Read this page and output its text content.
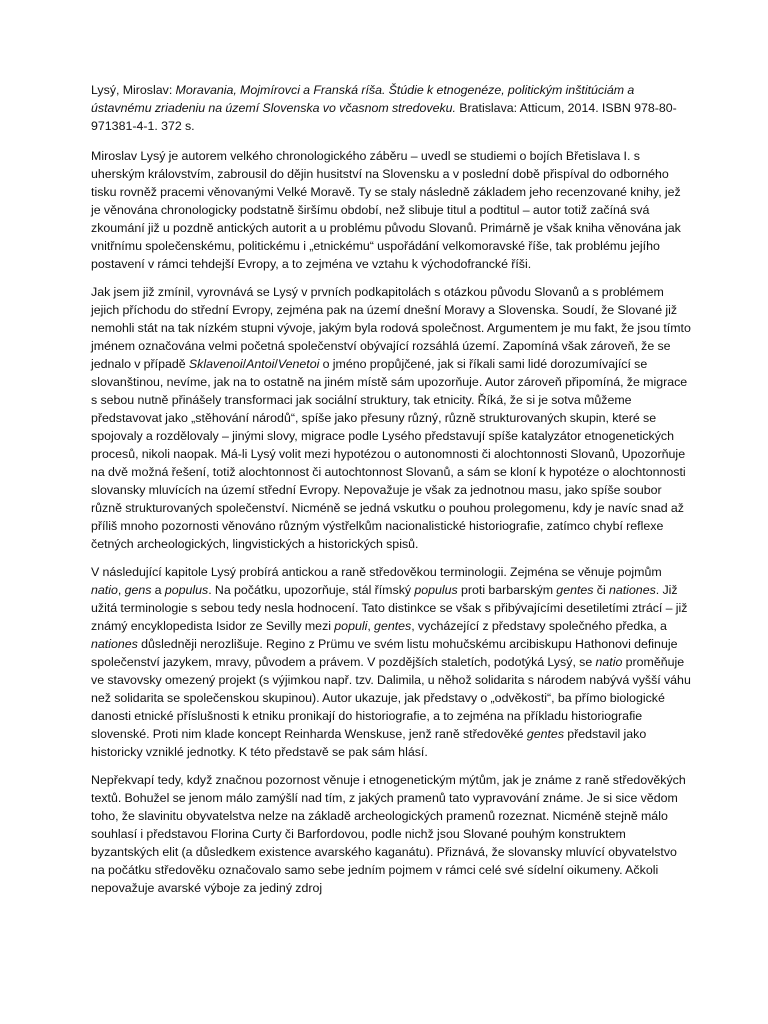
Lysý, Miroslav: Moravania, Mojmírovci a Franská ríša. Štúdie k etnogenéze, politickým inštitúciám a ústavnému zriadeniu na území Slovenska vo včasnom stredoveku. Bratislava: Atticum, 2014. ISBN 978-80-971381-4-1. 372 s.

Miroslav Lysý je autorem velkého chronologického záběru – uvedl se studiemi o bojích Břetislava I. s uherským královstvím, zabrousil do dějin husitství na Slovensku a v poslední době přispíval do odborného tisku rovněž pracemi věnovanými Velké Moravě. Ty se staly následně základem jeho recenzované knihy, jež je věnována chronologicky podstatně širšímu období, než slibuje titul a podtitul – autor totiž začíná svá zkoumání již u pozdně antických autorit a u problému původu Slovanů. Primárně je však kniha věnována jak vnitřnímu společenskému, politickému i „etnickému“ uspořádání velkomoravské říše, tak problému jejího postavení v rámci tehdejší Evropy, a to zejména ve vztahu k východofrancké říši.

Jak jsem již zmínil, vyrovnává se Lysý v prvních podkapitolách s otázkou původu Slovanů a s problémem jejich příchodu do střední Evropy, zejména pak na území dnešní Moravy a Slovenska. Soudí, že Slované již nemohli stát na tak nízkém stupni vývoje, jakým byla rodová společnost. Argumentem je mu fakt, že jsou tímto jménem označována velmi početná společenství obývající rozsáhlá území. Zapomíná však zároveň, že se jednalo v případě Sklavenoi/Antoi/Venetoi o jméno propůjčené, jak si říkali sami lidé dorozumívající se slovanštinou, nevíme, jak na to ostatně na jiném místě sám upozorňuje. Autor zároveň připomíná, že migrace s sebou nutně přinášely transformaci jak sociální struktury, tak etnicity. Říká, že si je sotva můžeme představovat jako „stěhování národů“, spíše jako přesuny různý, různě strukturovaných skupin, které se spojovaly a rozdělovaly – jinými slovy, migrace podle Lysého představují spíše katalyzátor etnogenetických procesů, nikoli naopak. Má-li Lysý volit mezi hypotézou o autonomnosti či alochtonnosti Slovanů, Upozorňuje na dvě možná řešení, totiž alochtonnost či autochtonnost Slovanů, a sám se kloní k hypotéze o alochtonnosti slovansky mluvících na území střední Evropy. Nepovažuje je však za jednotnou masu, jako spíše soubor různě strukturovaných společenství. Nicméně se jedná vskutku o pouhou prolegomenu, kdy je navíc snad až příliš mnoho pozornosti věnováno různým výstřelkům nacionalistické historiografie, zatímco chybí reflexe četných archeologických, lingvistických a historických spisů.

V následující kapitole Lysý probírá antickou a raně středověkou terminologii. Zejména se věnuje pojmům natio, gens a populus. Na počátku, upozorňuje, stál římský populus proti barbarským gentes či nationes. Již užitá terminologie s sebou tedy nesla hodnocení. Tato distinkce se však s přibývajícími desetiletími ztrácí – již známý encyklopedista Isidor ze Sevilly mezi populi, gentes, vycházející z představy společného předka, a nationes důsledněji nerozlišuje. Regino z Prümu ve svém listu mohučskému arcibiskupu Hathonovi definuje společenství jazykem, mravy, původem a právem. V pozdějších staletích, podotýká Lysý, se natio proměňuje ve stavovsky omezený projekt (s výjimkou např. tzv. Dalimila, u něhož solidarita s národem nabývá vyšší váhu než solidarita se společenskou skupinou). Autor ukazuje, jak představy o „odvěkosti“, ba přímo biologické danosti etnické příslušnosti k etniku pronikají do historiografie, a to zejména na příkladu historiografie slovenské. Proti nim klade koncept Reinharda Wenskuse, jenž raně středověké gentes představil jako historicky vzniklé jednotky. K této představě se pak sám hlásí.

Nepřekvapí tedy, když značnou pozornost věnuje i etnogenetickým mýtům, jak je známe z raně středověkých textů. Bohužel se jenom málo zamýšlí nad tím, z jakých pramenů tato vypravování známe. Je si sice vědom toho, že slavinitu obyvatelstva nelze na základě archeologických pramenů rozeznat. Nicméně stejně málo souhlasí i představou Florina Curty či Barfordovou, podle nichž jsou Slované pouhým konstruktem byzantských elit (a důsledkem existence avarského kaganátu). Přiznává, že slovansky mluvící obyvatelstvo na počátku středověku označovalo samo sebe jedním pojmem v rámci celé své sídelní oikumeny. Ačkoli nepovažuje avarské výboje za jediný zdroj
